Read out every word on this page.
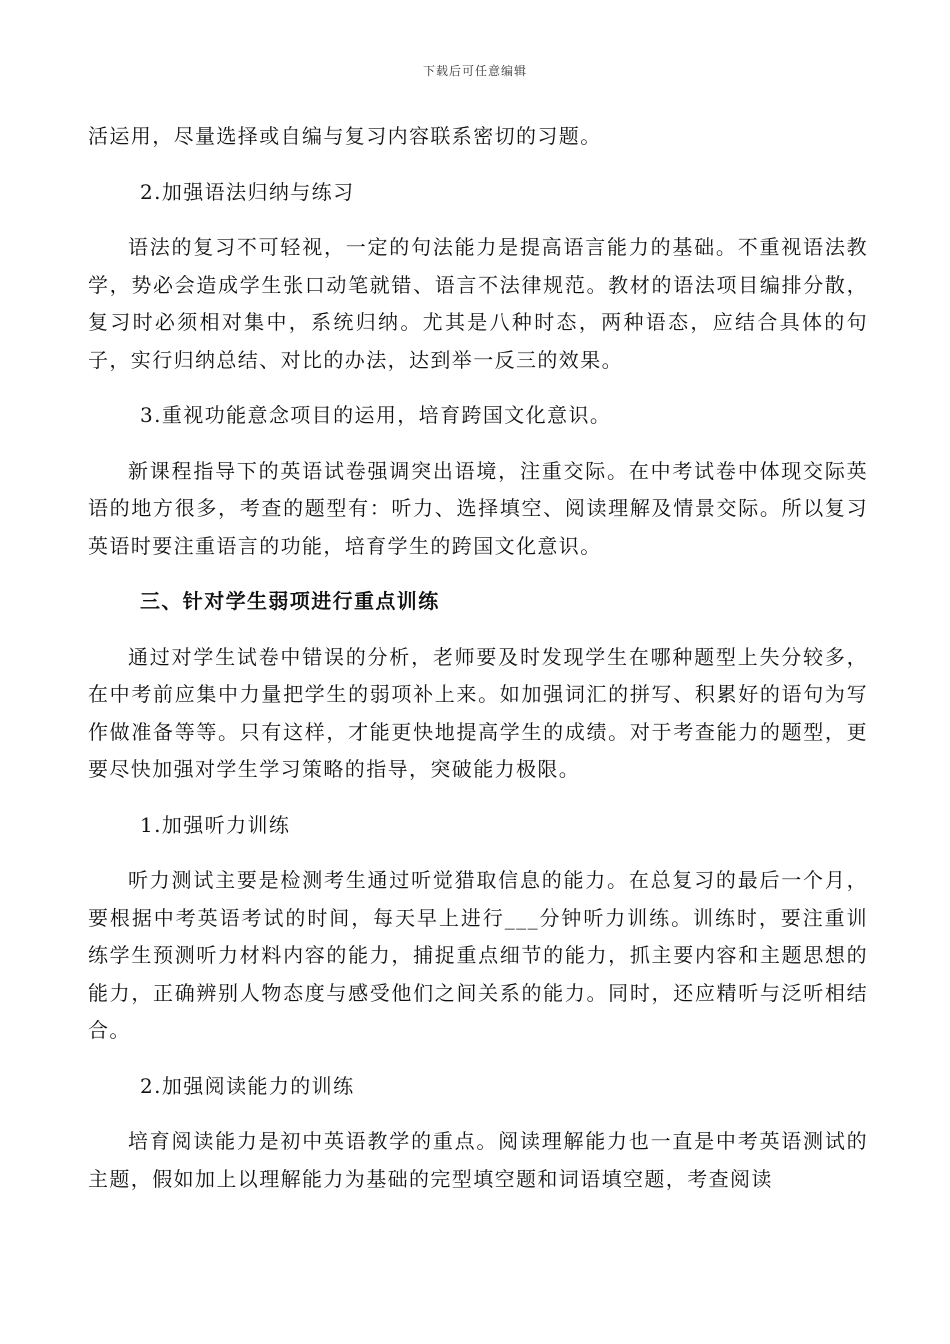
下载后可任意编辑

活运用，尽量选择或自编与复习内容联系密切的习题。

2.加强语法归纳与练习

语法的复习不可轻视，一定的句法能力是提高语言能力的基础。不重视语法教学，势必会造成学生张口动笔就错、语言不法律规范。教材的语法项目编排分散，复习时必须相对集中，系统归纳。尤其是八种时态，两种语态，应结合具体的句子，实行归纳总结、对比的办法，达到举一反三的效果。

3.重视功能意念项目的运用，培育跨国文化意识。

新课程指导下的英语试卷强调突出语境，注重交际。在中考试卷中体现交际英语的地方很多，考查的题型有：听力、选择填空、阅读理解及情景交际。所以复习英语时要注重语言的功能，培育学生的跨国文化意识。

三、针对学生弱项进行重点训练

通过对学生试卷中错误的分析，老师要及时发现学生在哪种题型上失分较多，在中考前应集中力量把学生的弱项补上来。如加强词汇的拼写、积累好的语句为写作做准备等等。只有这样，才能更快地提高学生的成绩。对于考查能力的题型，更要尽快加强对学生学习策略的指导，突破能力极限。

1.加强听力训练

听力测试主要是检测考生通过听觉猎取信息的能力。在总复习的最后一个月，要根据中考英语考试的时间，每天早上进行___分钟听力训练。训练时，要注重训练学生预测听力材料内容的能力，捕捉重点细节的能力，抓主要内容和主题思想的能力，正确辨别人物态度与感受他们之间关系的能力。同时，还应精听与泛听相结合。

2.加强阅读能力的训练

培育阅读能力是初中英语教学的重点。阅读理解能力也一直是中考英语测试的主题，假如加上以理解能力为基础的完型填空题和词语填空题，考查阅读
